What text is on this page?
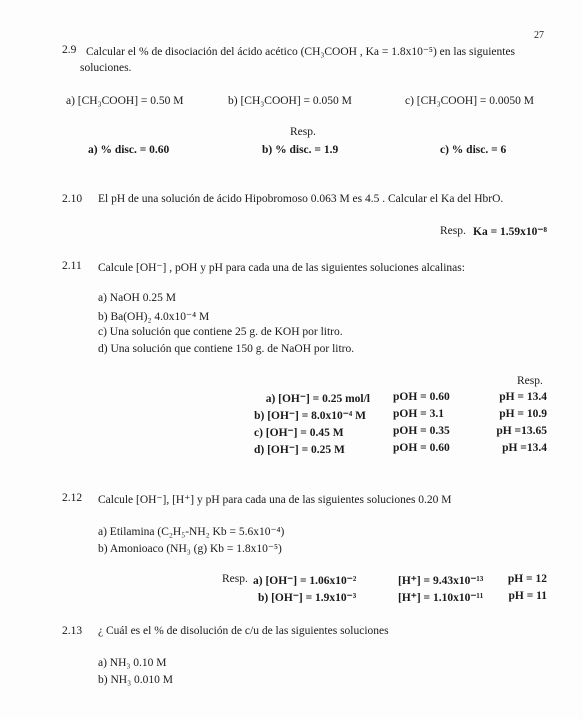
27
2.9 Calcular el % de disociación del ácido acético (CH₃COOH , Ka = 1.8x10⁻⁵) en las siguientes
soluciones.
a) [CH₃COOH] = 0.50 M	b) [CH₃COOH] = 0.050 M	c) [CH₃COOH] = 0.0050 M
Resp.
a) % disc. = 0.60	b) % disc. = 1.9	c) % disc. = 6
2.10 El pH de una solución de ácido Hipobromoso 0.063 M es 4.5 . Calcular el Ka del HbrO.
Resp. Ka = 1.59x10⁻⁸
2.11 Calcule [OH⁻] , pOH y pH para cada una de las siguientes soluciones alcalinas:
a) NaOH 0.25 M
b) Ba(OH)₂ 4.0x10⁻⁴ M
c) Una solución que contiene 25 g. de KOH por litro.
d) Una solución que contiene 150 g. de NaOH por litro.
Resp.
a) [OH⁻] = 0.25 mol/l pOH = 0.60	pH = 13.4
b) [OH⁻] = 8.0x10⁻⁴ M pOH = 3.1	pH = 10.9
c) [OH⁻] = 0.45 M	pOH = 0.35	pH =13.65
d) [OH⁻] = 0.25 M	pOH = 0.60	pH =13.4
2.12 Calcule [OH⁻], [H⁺] y pH para cada una de las siguientes soluciones 0.20 M
a) Etilamina (C₂H₅-NH₂ Kb = 5.6x10⁻⁴)
b) Amonioaco (NH₃ (g) Kb = 1.8x10⁻⁵)
Resp. a) [OH⁻] = 1.06x10⁻²	[H⁺] = 9.43x10⁻¹³	pH = 12
b) [OH⁻] = 1.9x10⁻³	[H⁺] = 1.10x10⁻¹¹	pH = 11
2.13 ¿ Cuál es el % de disolución de c/u de las siguientes soluciones
a) NH₃ 0.10 M
b) NH₃ 0.010 M
